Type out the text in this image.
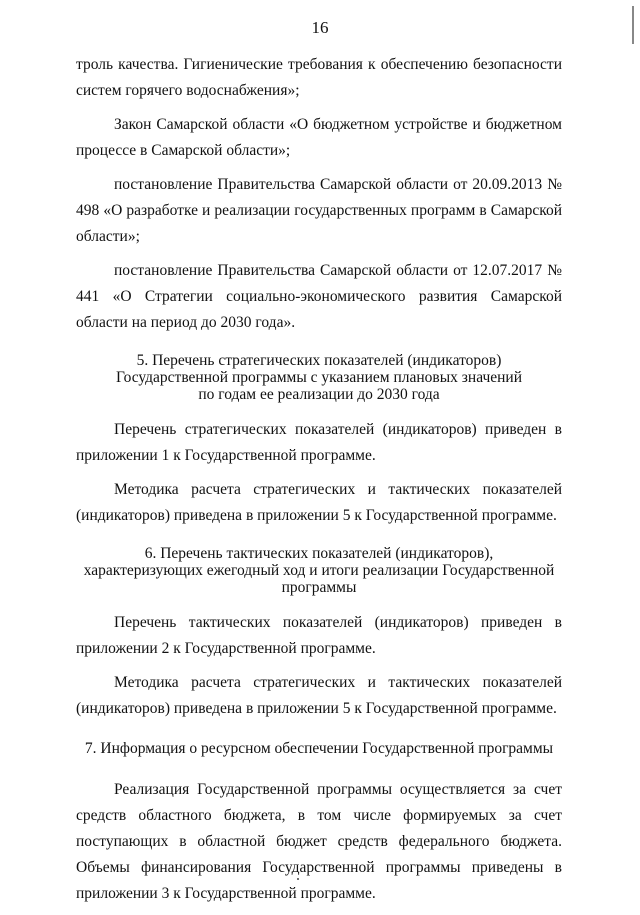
16

троль качества. Гигиенические требования к обеспечению безопасности систем горячего водоснабжения»;

Закон Самарской области «О бюджетном устройстве и бюджетном процессе в Самарской области»;

постановление Правительства Самарской области от 20.09.2013 № 498 «О разработке и реализации государственных программ в Самарской области»;

постановление Правительства Самарской области от 12.07.2017 № 441 «О Стратегии социально-экономического развития Самарской области на период до 2030 года».

5. Перечень стратегических показателей (индикаторов)
Государственной программы с указанием плановых значений
по годам ее реализации до 2030 года

Перечень стратегических показателей (индикаторов) приведен в приложении 1 к Государственной программе.

Методика расчета стратегических и тактических показателей (индикаторов) приведена в приложении 5 к Государственной программе.

6. Перечень тактических показателей (индикаторов),
характеризующих ежегодный ход и итоги реализации Государственной
программы

Перечень тактических показателей (индикаторов) приведен в приложении 2 к Государственной программе.

Методика расчета стратегических и тактических показателей (индикаторов) приведена в приложении 5 к Государственной программе.

7. Информация о ресурсном обеспечении Государственной программы

Реализация Государственной программы осуществляется за счет средств областного бюджета, в том числе формируемых за счет поступающих в областной бюджет средств федерального бюджета. Объемы финансирования Государственной программы приведены в приложении 3 к Государственной программе.
